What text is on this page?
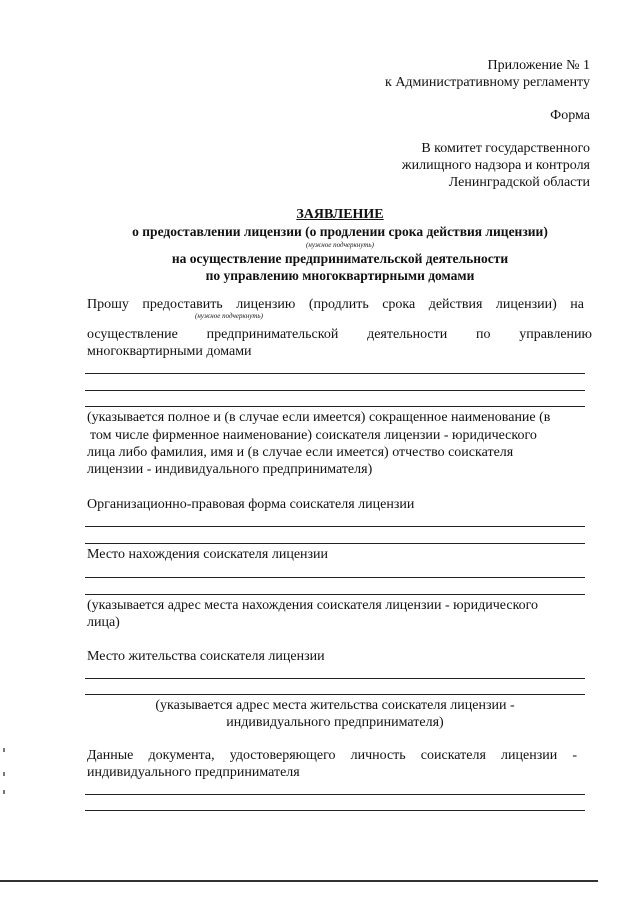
Приложение № 1
к Административному регламенту
Форма
В комитет государственного
жилищного надзора и контроля
Ленинградской области
ЗАЯВЛЕНИЕ
о предоставлении лицензии (о продлении срока действия лицензии)
(нужное подчеркнуть)
на осуществление предпринимательской деятельности
по управлению многоквартирными домами
Прошу предоставить лицензию (продлить срока действия лицензии) на
(нужное подчеркнуть)
осуществление предпринимательской деятельности по управлению
многоквартирными домами
(указывается полное и (в случае если имеется) сокращенное наименование (в
том числе фирменное наименование) соискателя лицензии - юридического
лица либо фамилия, имя и (в случае если имеется) отчество соискателя
лицензии - индивидуального предпринимателя)
Организационно-правовая форма соискателя лицензии
Место нахождения соискателя лицензии
(указывается адрес места нахождения соискателя лицензии - юридического
лица)
Место жительства соискателя лицензии
(указывается адрес места жительства соискателя лицензии -
индивидуального предпринимателя)
Данные документа, удостоверяющего личность соискателя лицензии -
индивидуального предпринимателя
